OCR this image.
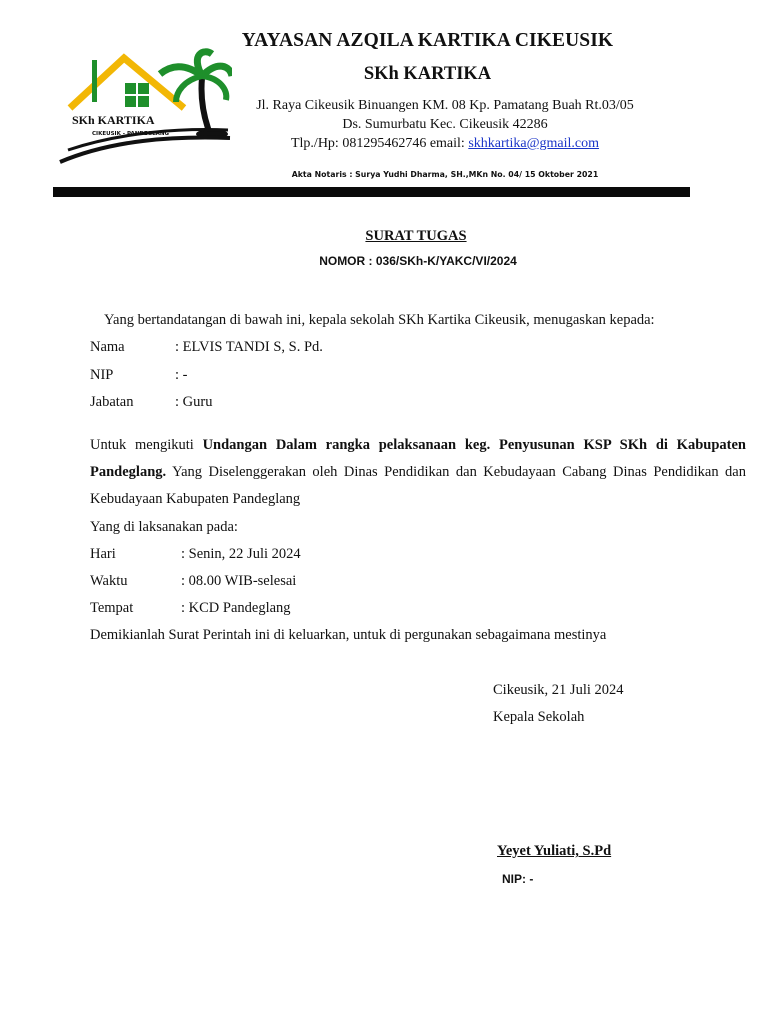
SKh KARTIKA
CIKEUSIK - PANDEGLANG
YAYASAN AZQILA KARTIKA CIKEUSIK
SKh KARTIKA
Jl. Raya Cikeusik Binuangen KM. 08 Kp. Pamatang Buah Rt.03/05
Ds. Sumurbatu Kec. Cikeusik 42286
Tlp./Hp: 081295462746 email: skhkartika@gmail.com
Akta Notaris : Surya Yudhi Dharma, SH.,MKn No. 04/ 15 Oktober 2021
SURAT TUGAS
NOMOR : 036/SKh-K/YAKC/VI/2024
Yang bertandatangan di bawah ini, kepala sekolah SKh Kartika Cikeusik, menugaskan kepada:
Nama	: ELVIS TANDI S, S. Pd.
NIP	: -
Jabatan	: Guru
Untuk mengikuti Undangan Dalam rangka pelaksanaan keg. Penyusunan KSP SKh di Kabupaten Pandeglang. Yang Diselenggerakan oleh Dinas Pendidikan dan Kebudayaan Cabang Dinas Pendidikan dan Kebudayaan Kabupaten Pandeglang
Yang di laksanakan pada:
Hari	: Senin, 22 Juli 2024
Waktu	: 08.00 WIB-selesai
Tempat	: KCD Pandeglang
Demikianlah Surat Perintah ini di keluarkan, untuk di pergunakan sebagaimana mestinya
Cikeusik, 21 Juli 2024
Kepala Sekolah
Yeyet Yuliati, S.Pd
NIP: -
